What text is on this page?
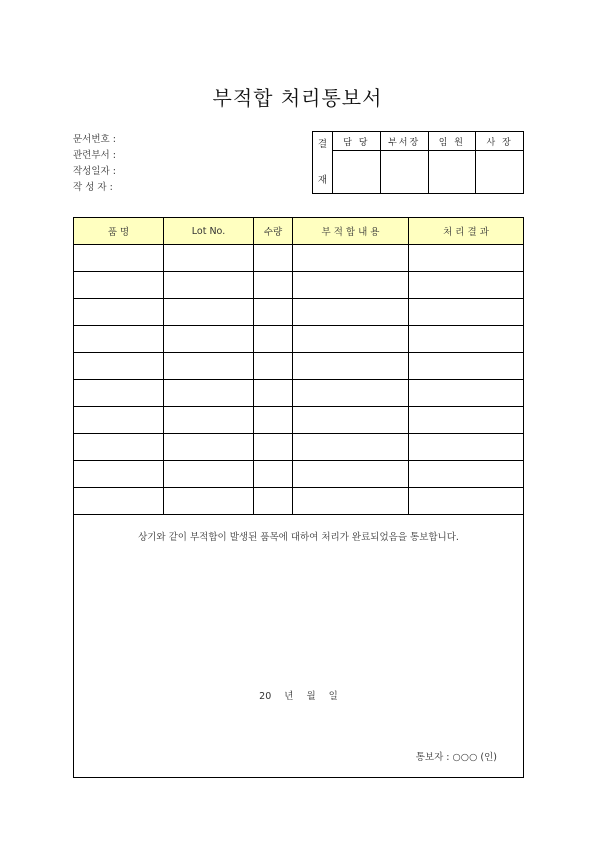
부적합 처리통보서
문서번호 :
관련부서 :
작성일자 :
작 성 자 :
결
재	담 당	부서장	임 원	사 장

품 명	Lot No.	수량	부 적 합 내 용	처 리 결 과

상기와 같이 부적합이 발생된 품목에 대하여 처리가 완료되었음을 통보합니다.
20 년 월 일
통보자 : ○○○ (인)
